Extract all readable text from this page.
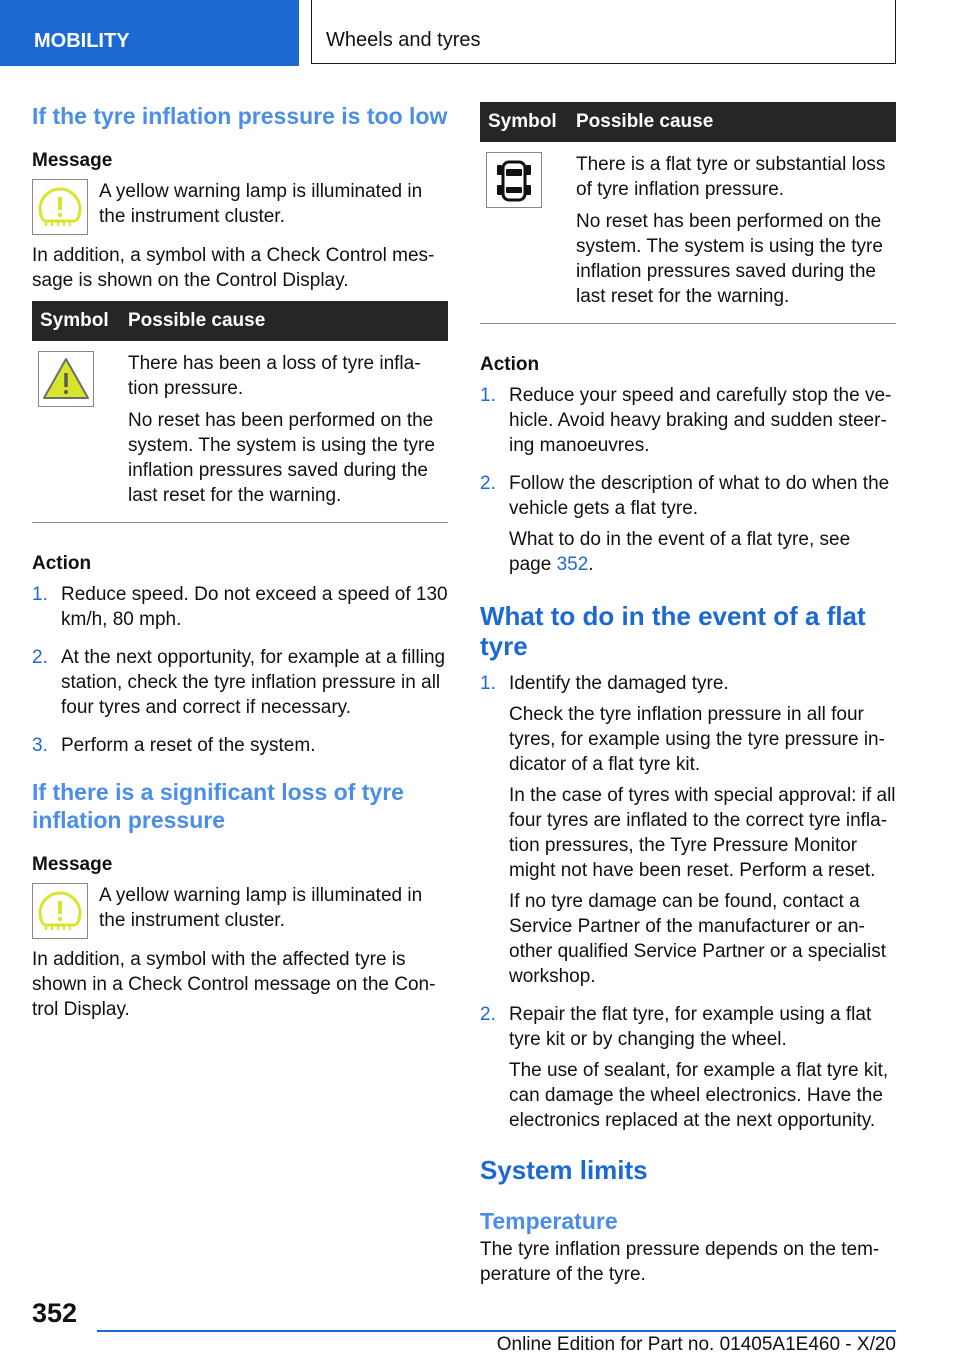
MOBILITY	Wheels and tyres
If the tyre inflation pressure is too low
Message
A yellow warning lamp is illuminated in the instrument cluster.

In addition, a symbol with a Check Control mes-sage is shown on the Control Display.

Symbol	Possible cause

There has been a loss of tyre infla-tion pressure.

No reset has been performed on the system. The system is using the tyre inflation pressures saved during the last reset for the warning.

Action
1. Reduce speed. Do not exceed a speed of 130 km/h, 80 mph.

2. At the next opportunity, for example at a filling station, check the tyre inflation pressure in all four tyres and correct if necessary.

3. Perform a reset of the system.

If there is a significant loss of tyre inflation pressure
Message
A yellow warning lamp is illuminated in the instrument cluster.

In addition, a symbol with the affected tyre is shown in a Check Control message on the Con-trol Display.

Symbol	Possible cause

There is a flat tyre or substantial loss of tyre inflation pressure.

No reset has been performed on the system. The system is using the tyre inflation pressures saved during the last reset for the warning.

Action
1. Reduce your speed and carefully stop the ve-hicle. Avoid heavy braking and sudden steer-ing manoeuvres.

2. Follow the description of what to do when the vehicle gets a flat tyre.

What to do in the event of a flat tyre, see page 352.

What to do in the event of a flat tyre
1. Identify the damaged tyre.

Check the tyre inflation pressure in all four tyres, for example using the tyre pressure in-dicator of a flat tyre kit.

In the case of tyres with special approval: if all four tyres are inflated to the correct tyre infla-tion pressures, the Tyre Pressure Monitor might not have been reset. Perform a reset.

If no tyre damage can be found, contact a Service Partner of the manufacturer or an-other qualified Service Partner or a specialist workshop.

2. Repair the flat tyre, for example using a flat tyre kit or by changing the wheel.

The use of sealant, for example a flat tyre kit, can damage the wheel electronics. Have the electronics replaced at the next opportunity.

System limits
Temperature

The tyre inflation pressure depends on the tem-perature of the tyre.

352
Online Edition for Part no. 01405A1E460 - X/20
